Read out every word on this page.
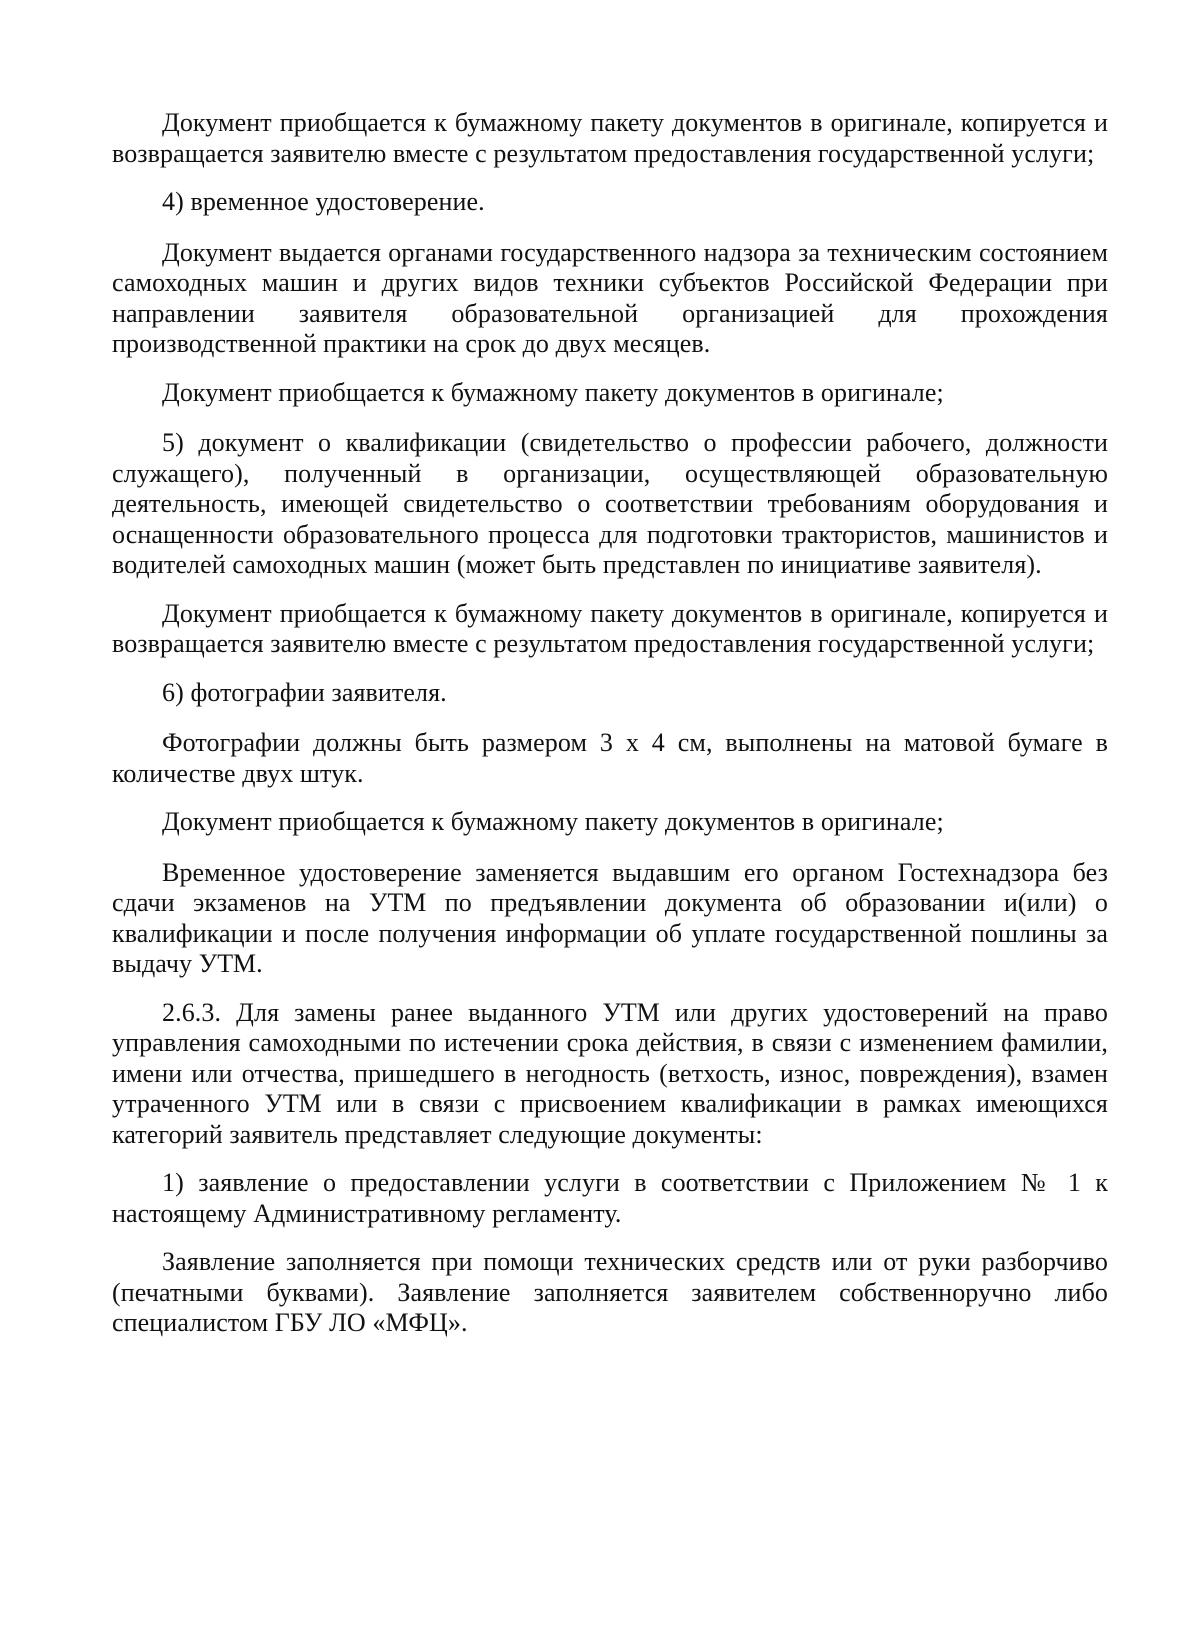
Документ приобщается к бумажному пакету документов в оригинале, копируется и возвращается заявителю вместе с результатом предоставления государственной услуги;

4) временное удостоверение.

Документ выдается органами государственного надзора за техническим состоянием самоходных машин и других видов техники субъектов Российской Федерации при направлении заявителя образовательной организацией для прохождения производственной практики на срок до двух месяцев.

Документ приобщается к бумажному пакету документов в оригинале;

5) документ о квалификации (свидетельство о профессии рабочего, должности служащего), полученный в организации, осуществляющей образовательную деятельность, имеющей свидетельство о соответствии требованиям оборудования и оснащенности образовательного процесса для подготовки трактористов, машинистов и водителей самоходных машин (может быть представлен по инициативе заявителя).

Документ приобщается к бумажному пакету документов в оригинале, копируется и возвращается заявителю вместе с результатом предоставления государственной услуги;

6) фотографии заявителя.

Фотографии должны быть размером 3 х 4 см, выполнены на матовой бумаге в количестве двух штук.

Документ приобщается к бумажному пакету документов в оригинале;

Временное удостоверение заменяется выдавшим его органом Гостехнадзора без сдачи экзаменов на УТМ по предъявлении документа об образовании и(или) о квалификации и после получения информации об уплате государственной пошлины за выдачу УТМ.

2.6.3. Для замены ранее выданного УТМ или других удостоверений на право управления самоходными по истечении срока действия, в связи с изменением фамилии, имени или отчества, пришедшего в негодность (ветхость, износ, повреждения), взамен утраченного УТМ или в связи с присвоением квалификации в рамках имеющихся категорий заявитель представляет следующие документы:

1) заявление о предоставлении услуги в соответствии с Приложением № 1 к настоящему Административному регламенту.

Заявление заполняется при помощи технических средств или от руки разборчиво (печатными буквами). Заявление заполняется заявителем собственноручно либо специалистом ГБУ ЛО «МФЦ».
